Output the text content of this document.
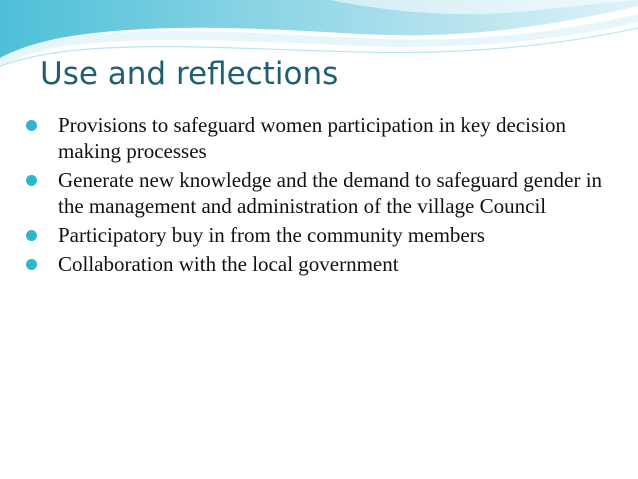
Use and reflections
Provisions to safeguard women participation in key decision making processes
Generate new knowledge and the demand to safeguard gender in the management and administration of the village Council
Participatory buy in from the community members
Collaboration with the local government
